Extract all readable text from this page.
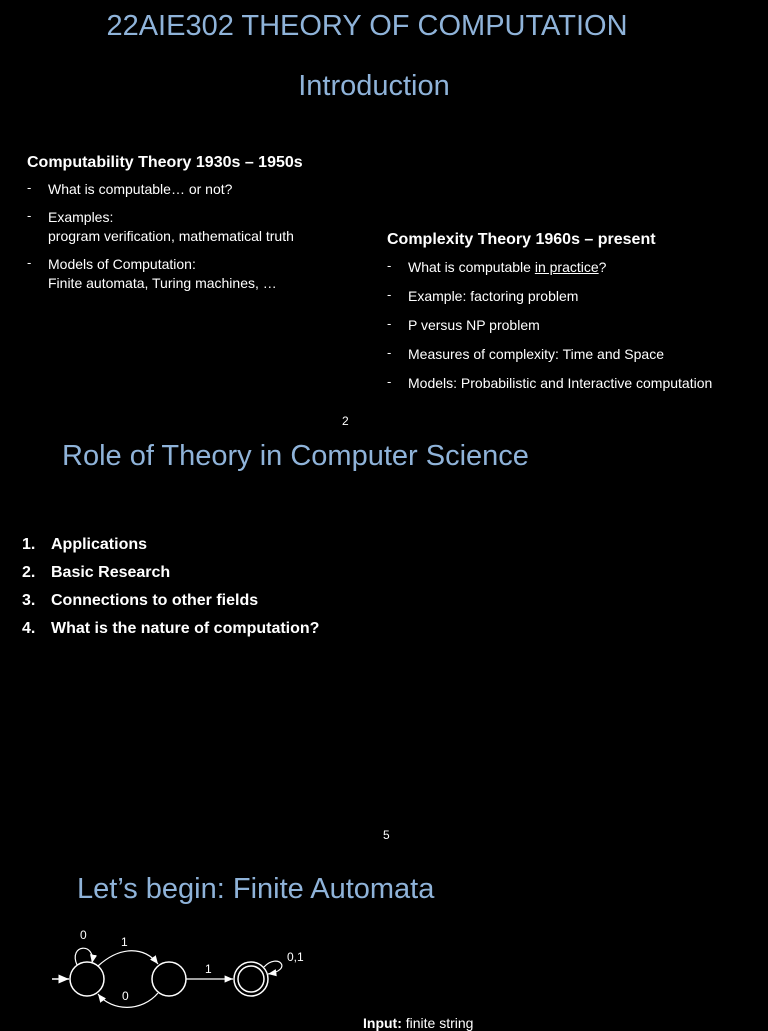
22AIE302 THEORY OF COMPUTATION
Introduction
Computability Theory 1930s – 1950s
- What is computable… or not?
- Examples:
program verification, mathematical truth
- Models of Computation:
Finite automata, Turing machines, …
Complexity Theory 1960s – present
- What is computable in practice?
- Example: factoring problem
- P versus NP problem
- Measures of complexity: Time and Space
- Models: Probabilistic and Interactive computation
2
Role of Theory in Computer Science
1. Applications
2. Basic Research
3. Connections to other fields
4. What is the nature of computation?
5
Let’s begin: Finite Automata
0	1
0
1
0,1
Input: finite string
